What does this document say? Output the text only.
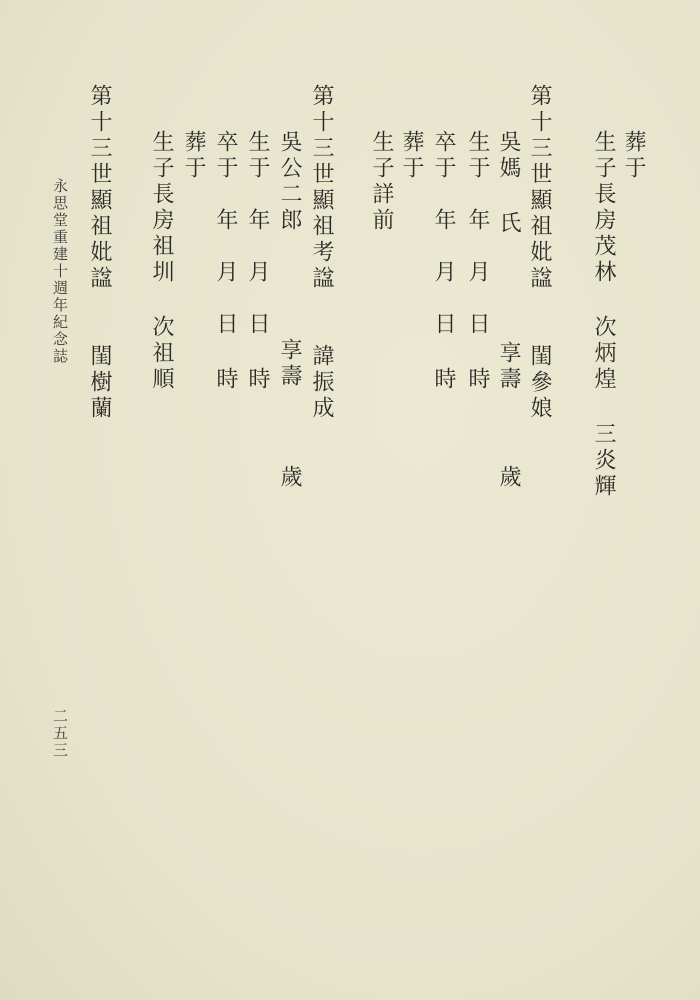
葬于
生子長房茂林 次炳煌 三炎輝
第十三世顯祖妣諡　　閨參娘
吳媽 氏　　　　享壽
歲
生于　年　月　日 時
卒于　年　月　日 時
葬于
生子詳前
第十三世顯祖考諡　　諱振成
吳公二郎　　　　享壽
歲
生于　年　月　日 時
卒于　年　月　日 時
葬于
生子長房祖圳 次祖順
第十三世顯祖妣諡　　閨樹蘭
永思堂重建十週年紀念誌
二五三
